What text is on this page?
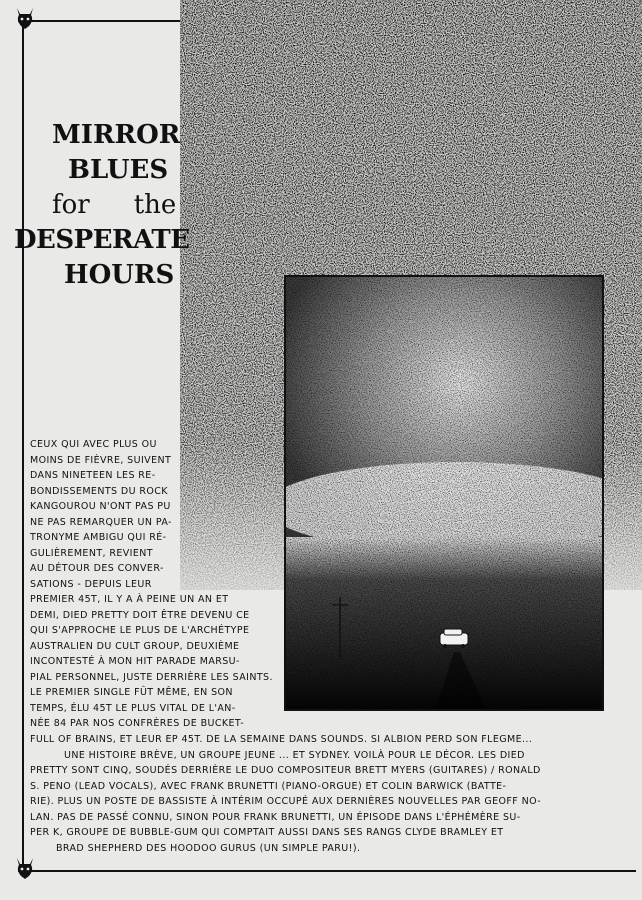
MIRROR
BLUES
for the
DESPERATE
HOURS
CEUX QUI AVEC PLUS OU
MOINS DE FIÈVRE, SUIVENT
DANS NINETEEN LES RE-
BONDISSEMENTS DU ROCK
KANGOUROU N'ONT PAS PU
NE PAS REMARQUER UN PA-
TRONYME AMBIGU QUI RÉ-
GULIÈREMENT, REVIENT
AU DÉTOUR DES CONVER-
SATIONS - DEPUIS LEUR
PREMIER 45T, IL Y A À PEINE UN AN ET
DEMI, DIED PRETTY DOIT ÊTRE DEVENU CE
QUI S'APPROCHE LE PLUS DE L'ARCHÉTYPE
AUSTRALIEN DU CULT GROUP, DEUXIÈME
INCONTESTÉ À MON HIT PARADE MARSU-
PIAL PERSONNEL, JUSTE DERRIÈRE LES SAINTS.
LE PREMIER SINGLE FÛT MÊME, EN SON
TEMPS, ÉLU 45T LE PLUS VITAL DE L'AN-
NÉE 84 PAR NOS CONFRÈRES DE BUCKET-
FULL OF BRAINS, ET LEUR EP 45T. DE LA SEMAINE DANS SOUNDS. SI ALBION PERD SON FLEGME...
UNE HISTOIRE BRÈVE, UN GROUPE JEUNE ... ET SYDNEY. VOILÀ POUR LE DÉCOR. LES DIED
PRETTY SONT CINQ, SOUDÉS DERRIÈRE LE DUO COMPOSITEUR BRETT MYERS (GUITARES) / RONALD
S. PENO (LEAD VOCALS), AVEC FRANK BRUNETTI (PIANO-ORGUE) ET COLIN BARWICK (BATTE-
RIE). PLUS UN POSTE DE BASSISTE À INTÉRIM OCCUPÉ AUX DERNIÈRES NOUVELLES PAR GEOFF NO-
LAN. PAS DE PASSÉ CONNU, SINON POUR FRANK BRUNETTI, UN ÉPISODE DANS L'ÉPHÉMÈRE SU-
PER K, GROUPE DE BUBBLE-GUM QUI COMPTAIT AUSSI DANS SES RANGS CLYDE BRAMLEY ET
BRAD SHEPHERD DES HOODOO GURUS (UN SIMPLE PARU!).
